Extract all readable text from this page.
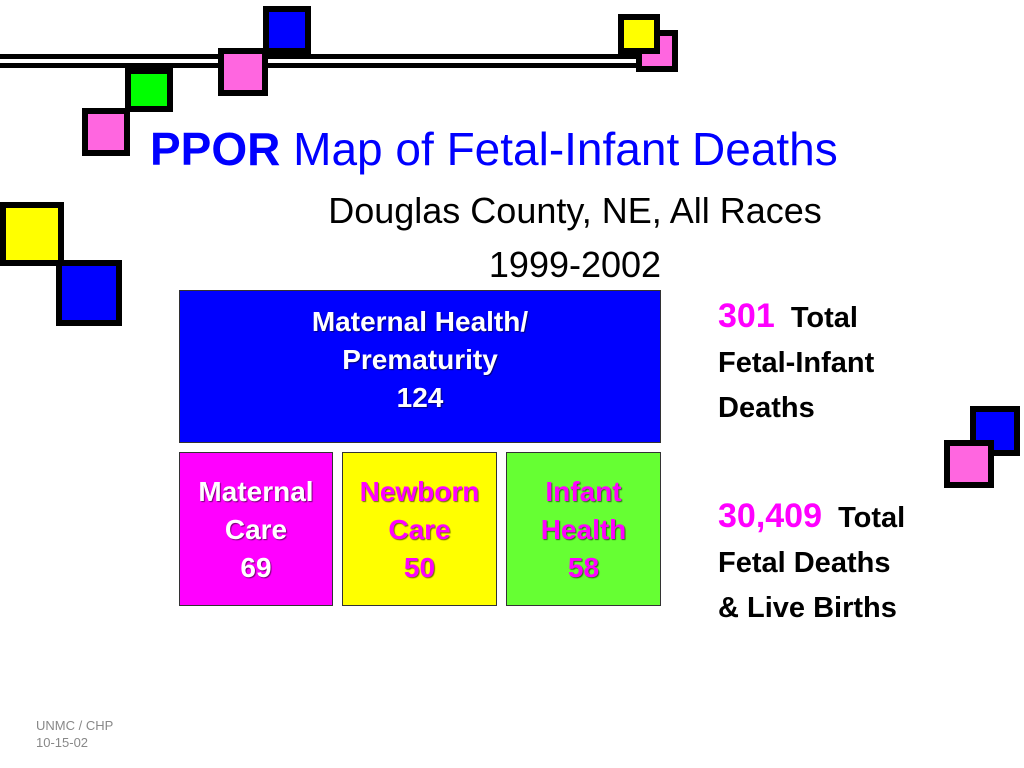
PPOR Map of Fetal-Infant Deaths
Douglas County, NE, All Races
1999-2002
Maternal Health/
Prematurity
124
Maternal
Care
69
Newborn
Care
50
Infant
Health
58
301 Total
Fetal-Infant
Deaths
30,409 Total
Fetal Deaths
& Live Births
UNMC / CHP
10-15-02
